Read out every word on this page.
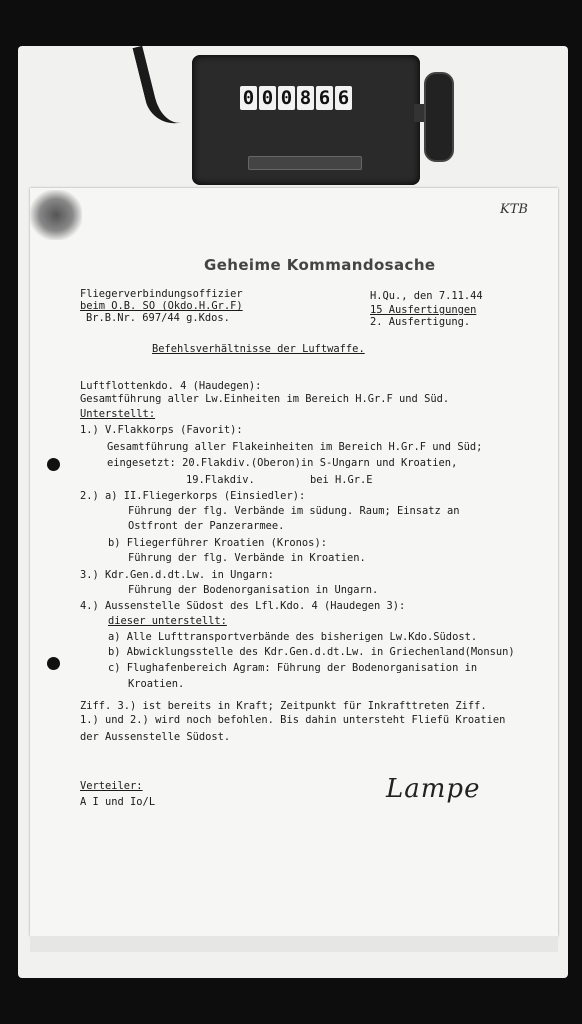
0 0 0 8 6 6
KTB
Geheime Kommandosache
Fliegerverbindungsoffizier
beim O.B. SO (Okdo.H.Gr.F)
Br.B.Nr. 697/44 g.Kdos.
H.Qu., den 7.11.44
15 Ausfertigungen
2. Ausfertigung.
Befehlsverhältnisse der Luftwaffe.
Luftflottenkdo. 4 (Haudegen):
Gesamtführung aller Lw.Einheiten im Bereich H.Gr.F und Süd.
Unterstellt:
1.) V.Flakkorps (Favorit):
Gesamtführung aller Flakeinheiten im Bereich H.Gr.F und Süd;
eingesetzt: 20.Flakdiv.(Oberon)in S-Ungarn und Kroatien,
19.Flakdiv.	bei H.Gr.E
2.) a) II.Fliegerkorps (Einsiedler):
Führung der flg. Verbände im südung. Raum; Einsatz an
Ostfront der Panzerarmee.
b) Fliegerführer Kroatien (Kronos):
Führung der flg. Verbände in Kroatien.
3.) Kdr.Gen.d.dt.Lw. in Ungarn:
Führung der Bodenorganisation in Ungarn.
4.) Aussenstelle Südost des Lfl.Kdo. 4 (Haudegen 3):
dieser unterstellt:
a) Alle Lufttransportverbände des bisherigen Lw.Kdo.Südost.
b) Abwicklungsstelle des Kdr.Gen.d.dt.Lw. in Griechenland(Monsun)
c) Flughafenbereich Agram: Führung der Bodenorganisation in
Kroatien.
Ziff. 3.) ist bereits in Kraft; Zeitpunkt für Inkrafttreten Ziff.
1.) und 2.) wird noch befohlen. Bis dahin untersteht Fliefü Kroatien
der Aussenstelle Südost.
Verteiler:
A I und Io/L	Lampe
